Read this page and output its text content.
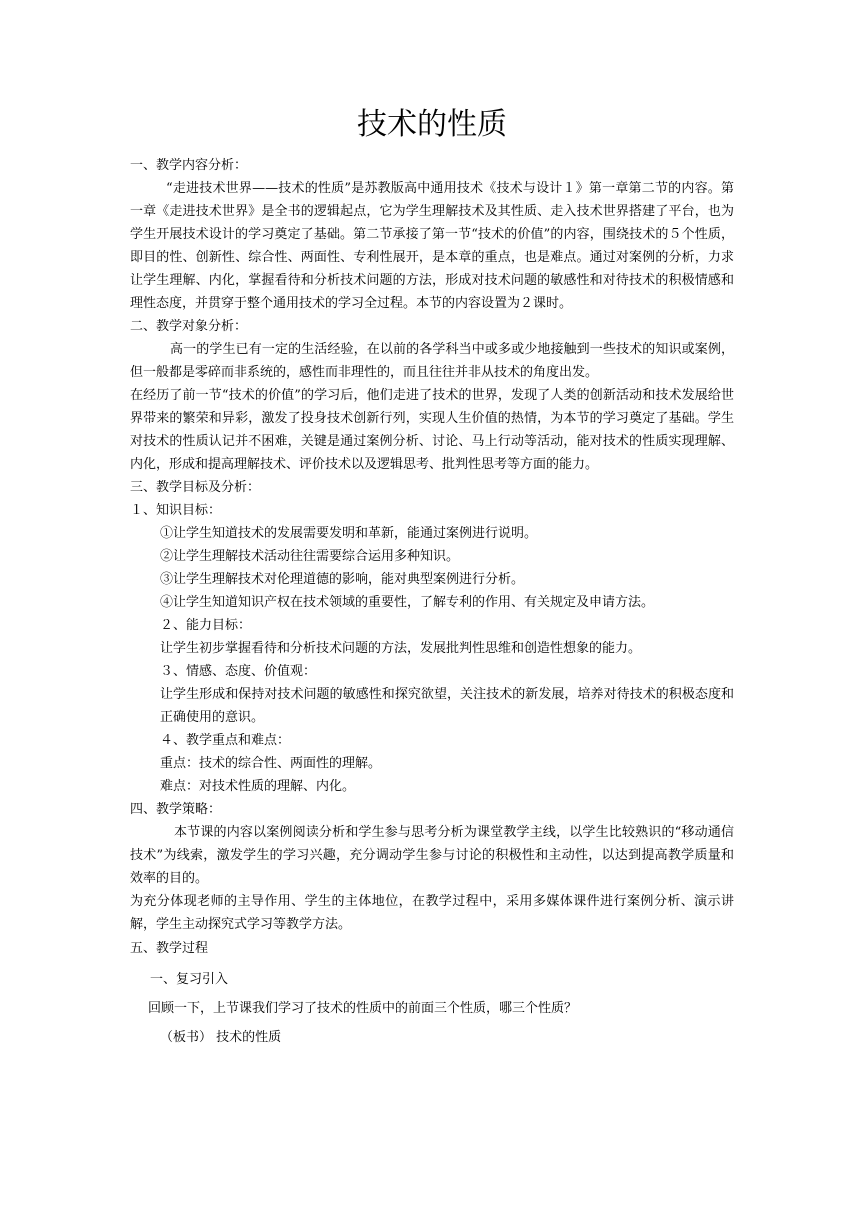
技术的性质
一、教学内容分析：

“走进技术世界——技术的性质”是苏教版高中通用技术《技术与设计１》第一章第二节的内容。第一章《走进技术世界》是全书的逻辑起点，它为学生理解技术及其性质、走入技术世界搭建了平台，也为学生开展技术设计的学习奠定了基础。第二节承接了第一节“技术的价值”的内容，围绕技术的５个性质，即目的性、创新性、综合性、两面性、专利性展开，是本章的重点，也是难点。通过对案例的分析，力求让学生理解、内化，掌握看待和分析技术问题的方法，形成对技术问题的敏感性和对待技术的积极情感和理性态度，并贯穿于整个通用技术的学习全过程。本节的内容设置为２课时。

二、教学对象分析：

高一的学生已有一定的生活经验，在以前的各学科当中或多或少地接触到一些技术的知识或案例，但一般都是零碎而非系统的，感性而非理性的，而且往往并非从技术的角度出发。

在经历了前一节“技术的价值”的学习后，他们走进了技术的世界，发现了人类的创新活动和技术发展给世界带来的繁荣和异彩，激发了投身技术创新行列，实现人生价值的热情，为本节的学习奠定了基础。学生对技术的性质认记并不困难，关键是通过案例分析、讨论、马上行动等活动，能对技术的性质实现理解、内化，形成和提高理解技术、评价技术以及逻辑思考、批判性思考等方面的能力。

三、教学目标及分析：
１、知识目标：
①让学生知道技术的发展需要发明和革新，能通过案例进行说明。
②让学生理解技术活动往往需要综合运用多种知识。
③让学生理解技术对伦理道德的影响，能对典型案例进行分析。
④让学生知道知识产权在技术领域的重要性，了解专利的作用、有关规定及申请方法。
２、能力目标：
让学生初步掌握看待和分析技术问题的方法，发展批判性思维和创造性想象的能力。
３、情感、态度、价值观：

让学生形成和保持对技术问题的敏感性和探究欲望，关注技术的新发展，培养对待技术的积极态度和正确使用的意识。

４、教学重点和难点：
重点：技术的综合性、两面性的理解。
难点：对技术性质的理解、内化。
四、教学策略：

本节课的内容以案例阅读分析和学生参与思考分析为课堂教学主线，以学生比较熟识的“移动通信技术”为线索，激发学生的学习兴趣，充分调动学生参与讨论的积极性和主动性，以达到提高教学质量和效率的目的。

为充分体现老师的主导作用、学生的主体地位，在教学过程中，采用多媒体课件进行案例分析、演示讲解，学生主动探究式学习等教学方法。

五、教学过程
一、复习引入
回顾一下，上节课我们学习了技术的性质中的前面三个性质，哪三个性质？
（板书） 技术的性质
